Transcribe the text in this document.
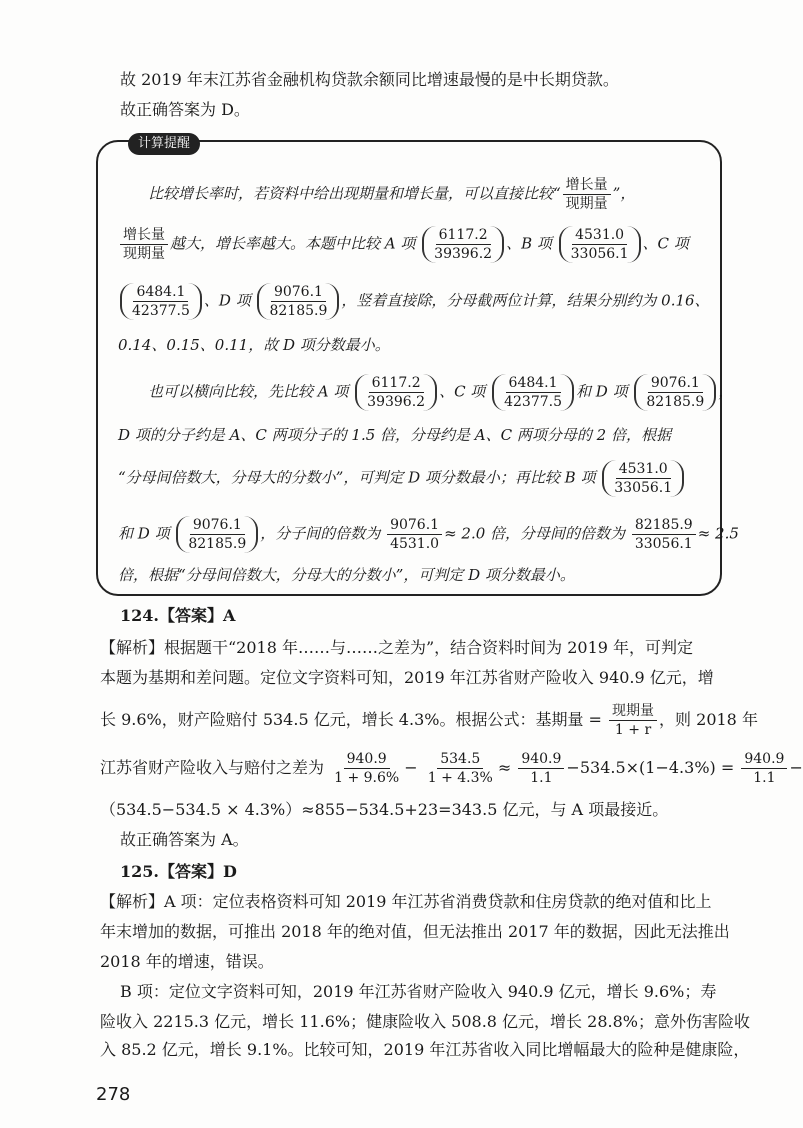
故 2019 年末江苏省金融机构贷款余额同比增速最慢的是中长期贷款。
故正确答案为 D。
计算提醒
比较增长率时，若资料中给出现期量和增长量，可以直接比较“ $\frac{\text{增长量}}{\text{现期量}}$ ”，
$\frac{\text{增长量}}{\text{现期量}}$ 越大，增长率越大。本题中比较 A 项 $\frac{6117.2}{39396.2}$ 、B 项 $\frac{4531.0}{33056.1}$ 、C 项
$\frac{6484.1}{42377.5}$ 、D 项 $\frac{9076.1}{82185.9}$ ，竖着直接除，分母截两位计算，结果分别约为 0.16、
0.14、0.15、0.11，故 D 项分数最小。
也可以横向比较，先比较 A 项 $\frac{6117.2}{39396.2}$ 、C 项 $\frac{6484.1}{42377.5}$ 和 D 项 $\frac{9076.1}{82185.9}$ ，
D 项的分子约是 A、C 两项分子的 1.5 倍，分母约是 A、C 两项分母的 2 倍，根据
“分母间倍数大，分母大的分数小”，可判定 D 项分数最小；再比较 B 项 $\frac{4531.0}{33056.1}$
和 D 项 $\frac{9076.1}{82185.9}$ ，分子间的倍数为 $\frac{9076.1}{4531.0} \approx 2.0$ 倍，分母间的倍数为 $\frac{82185.9}{33056.1} \approx 2.5$
倍，根据“分母间倍数大，分母大的分数小”，可判定 D 项分数最小。
124.【答案】A
【解析】根据题干“2018 年……与……之差为”，结合资料时间为 2019 年，可判定
本题为基期和差问题。定位文字资料可知，2019 年江苏省财产险收入 940.9 亿元，增
长 9.6%，财产险赔付 534.5 亿元，增长 4.3%。根据公式：基期量 = $\frac{\text{现期量}}{1 + r}$ ，则 2018 年
江苏省财产险收入与赔付之差为 $\frac{940.9}{1 + 9.6\%} - \frac{534.5}{1 + 4.3\%} \approx \frac{940.9}{1.1} -534.5\times(1-4.3\%) = \frac{940.9}{1.1}$ −
（534.5−534.5 × 4.3%）≈855−534.5+23=343.5 亿元，与 A 项最接近。
故正确答案为 A。
125.【答案】D
【解析】A 项：定位表格资料可知 2019 年江苏省消费贷款和住房贷款的绝对值和比上
年末增加的数据，可推出 2018 年的绝对值，但无法推出 2017 年的数据，因此无法推出
2018 年的增速，错误。
B 项：定位文字资料可知，2019 年江苏省财产险收入 940.9 亿元，增长 9.6%；寿
险收入 2215.3 亿元，增长 11.6%；健康险收入 508.8 亿元，增长 28.8%；意外伤害险收
入 85.2 亿元，增长 9.1%。比较可知，2019 年江苏省收入同比增幅最大的险种是健康险，
278
